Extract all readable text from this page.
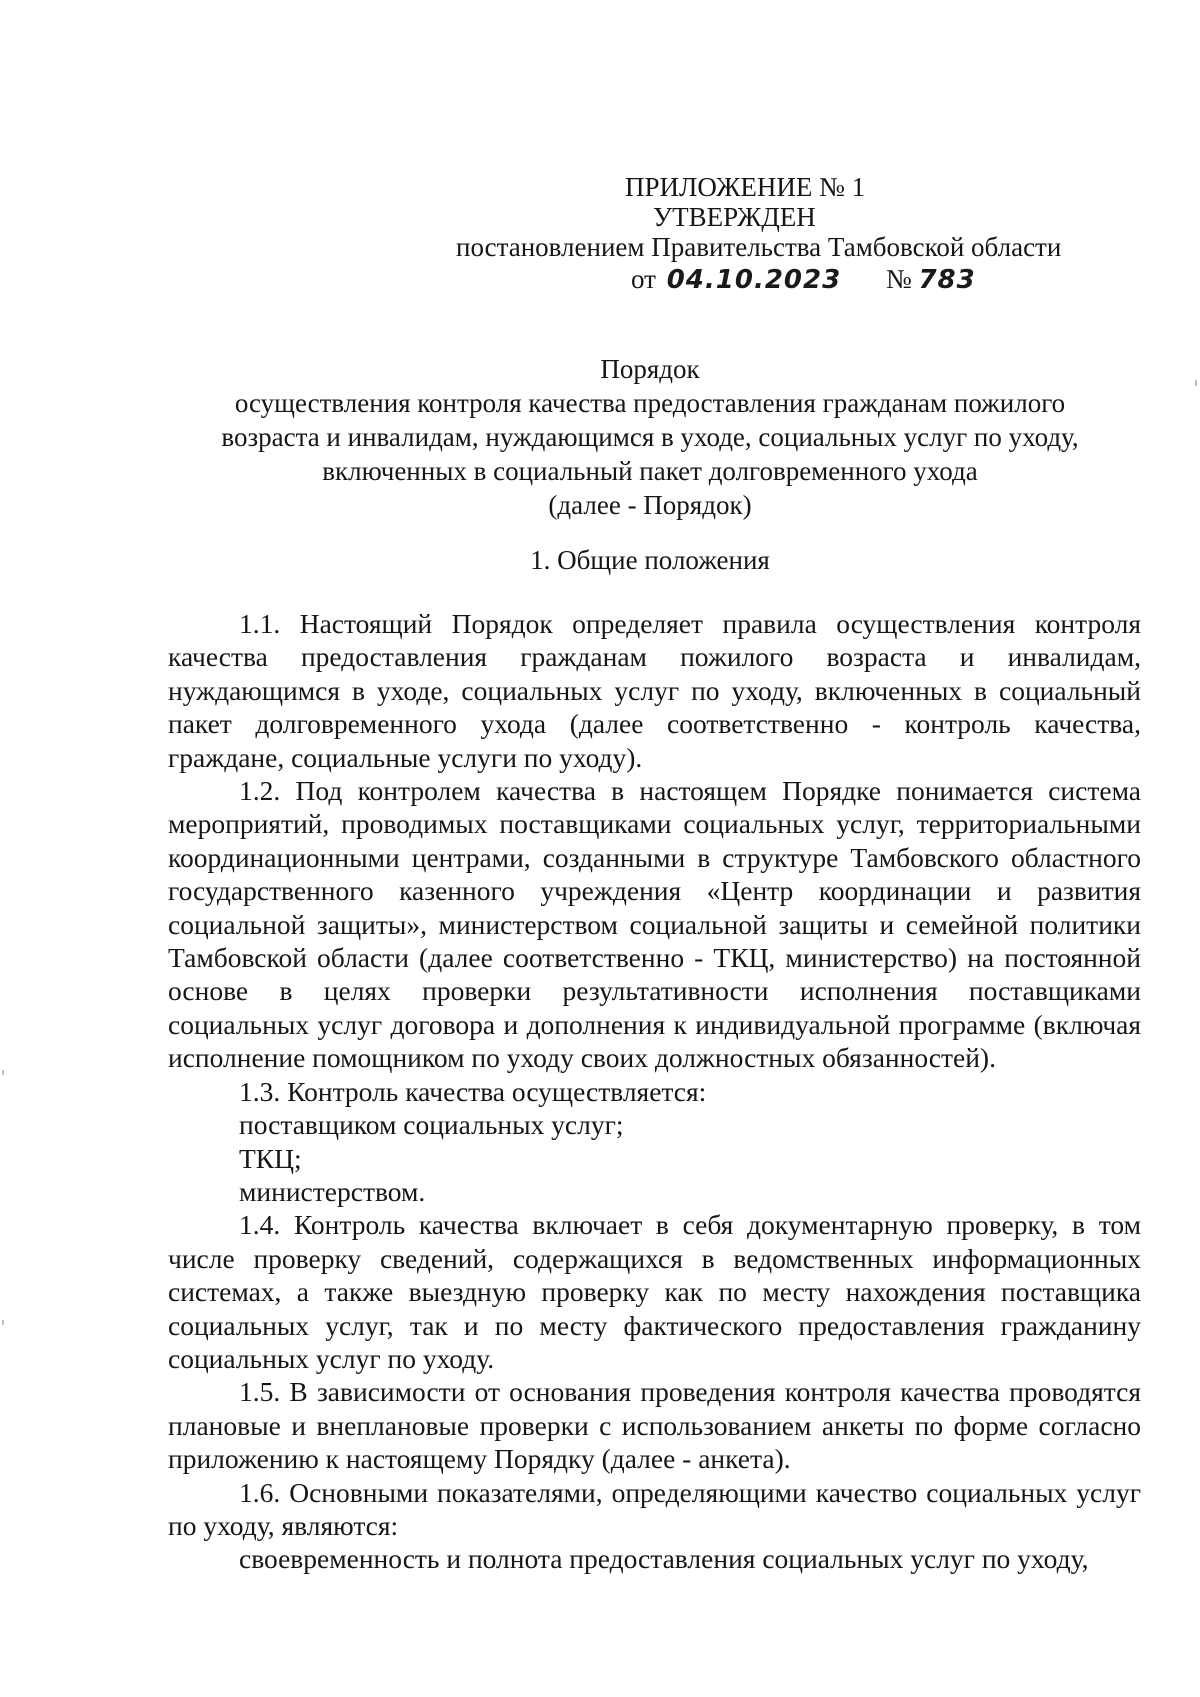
ПРИЛОЖЕНИЕ № 1
УТВЕРЖДЕН
постановлением Правительства Тамбовской области
от 04.10.2023 № 783
Порядок
осуществления контроля качества предоставления гражданам пожилого
возраста и инвалидам, нуждающимся в уходе, социальных услуг по уходу,
включенных в социальный пакет долговременного ухода
(далее - Порядок)
1. Общие положения

1.1. Настоящий Порядок определяет правила осуществления контроля качества предоставления гражданам пожилого возраста и инвалидам, нуждающимся в уходе, социальных услуг по уходу, включенных в социальный пакет долговременного ухода (далее соответственно - контроль качества, граждане, социальные услуги по уходу).

1.2. Под контролем качества в настоящем Порядке понимается система мероприятий, проводимых поставщиками социальных услуг, территориальными координационными центрами, созданными в структуре Тамбовского областного государственного казенного учреждения «Центр координации и развития социальной защиты», министерством социальной защиты и семейной политики Тамбовской области (далее соответственно - ТКЦ, министерство) на постоянной основе в целях проверки результативности исполнения поставщиками социальных услуг договора и дополнения к индивидуальной программе (включая исполнение помощником по уходу своих должностных обязанностей).

1.3. Контроль качества осуществляется:

поставщиком социальных услуг;

ТКЦ;

министерством.

1.4. Контроль качества включает в себя документарную проверку, в том числе проверку сведений, содержащихся в ведомственных информационных системах, а также выездную проверку как по месту нахождения поставщика социальных услуг, так и по месту фактического предоставления гражданину социальных услуг по уходу.

1.5. В зависимости от основания проведения контроля качества проводятся плановые и внеплановые проверки с использованием анкеты по форме согласно приложению к настоящему Порядку (далее - анкета).

1.6. Основными показателями, определяющими качество социальных услуг по уходу, являются:

своевременность и полнота предоставления социальных услуг по уходу,
